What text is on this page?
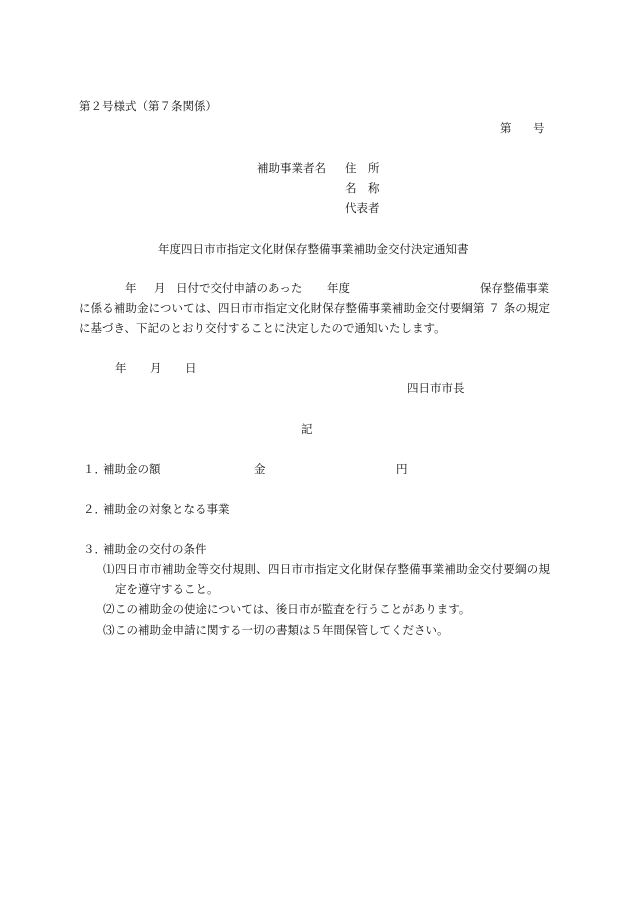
第２号様式（第７条関係）
第 号
補助事業者名 住　所
名　称
代表者
年度四日市市指定文化財保存整備事業補助金交付決定通知書
年 月 日付で交付申請のあった 年度	保存整備事業
に係る補助金については、四日市市指定文化財保存整備事業補助金交付要綱第 ７ 条の規定
に基づき、下記のとおり交付することに決定したので通知いたします。
年 月 日
四日市市長
記
１．
補助金の額	金	円
２．
補助金の対象となる事業
３．
補助金の交付の条件
⑴ 四日市市補助金等交付規則、四日市市指定文化財保存整備事業補助金交付要綱の規
定を遵守すること。
⑵ この補助金の使途については、後日市が監査を行うことがあります。
⑶ この補助金申請に関する一切の書類は５年間保管してください。
